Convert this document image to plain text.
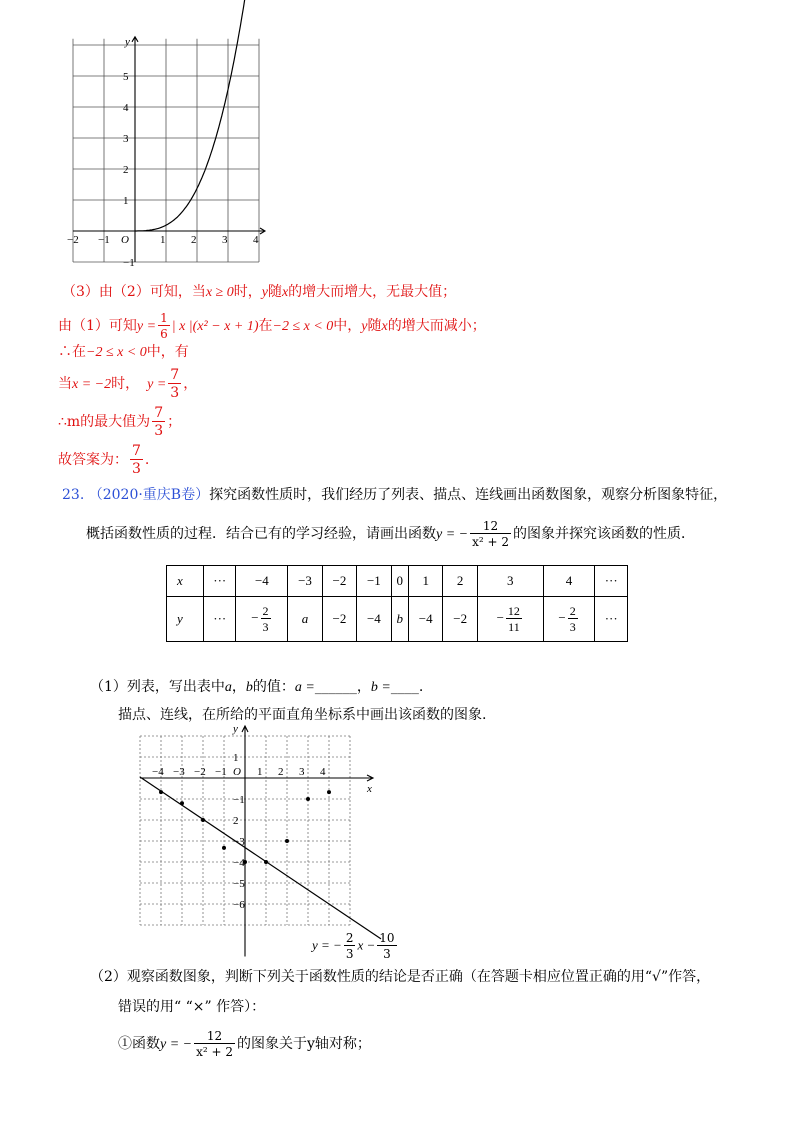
−2 −1	1 2 3 4
−1
1
2
3
4
5
O
y
（3）由（2）可知，当x ≥ 0时，y随x的增大而增大，无最大值；
由（1）可知$y = \frac{1}{6}$ | x |(x² − x + 1)在−2 ≤ x < 0中，y随x的增大而减小；
∴在−2 ≤ x < 0中，有
当x = −2时， $y = \frac{7}{3}$ ，
∴m的最大值为 $\frac{7}{3}$ ；
故答案为： $\frac{7}{3}$ .
23. （2020·重庆B卷）探究函数性质时，我们经历了列表、描点、连线画出函数图象，观察分析图象特征，
概括函数性质的过程．结合已有的学习经验，请画出函数y = − $\frac{12}{\text{x² + 2}}$ 的图象并探究该函数的性质．
x	···	−4	−3	−2	−1	0	1	2	3	4	···
y	···	− $\frac{2}{3}$	a	−2	−4	b	−4	−2	− $\frac{12}{11}$	− $\frac{2}{3}$	···
（1）列表，写出表中a，b的值：a =______，b =____.
描点、连线，在所给的平面直角坐标系中画出该函数的图象.
−4 −3 −2 −1	1 2 3 4
1
−1
2
−3
−4
−5
−6
O
x
y
y = − $\frac{2}{3}$ $x - \frac{10}{3}$
（2）观察函数图象，判断下列关于函数性质的结论是否正确（在答题卡相应位置正确的用“√”作答，
错误的用“ “×” 作答）：
①函数y = − $\frac{12}{\text{x² + 2}}$ 的图象关于y轴对称；
